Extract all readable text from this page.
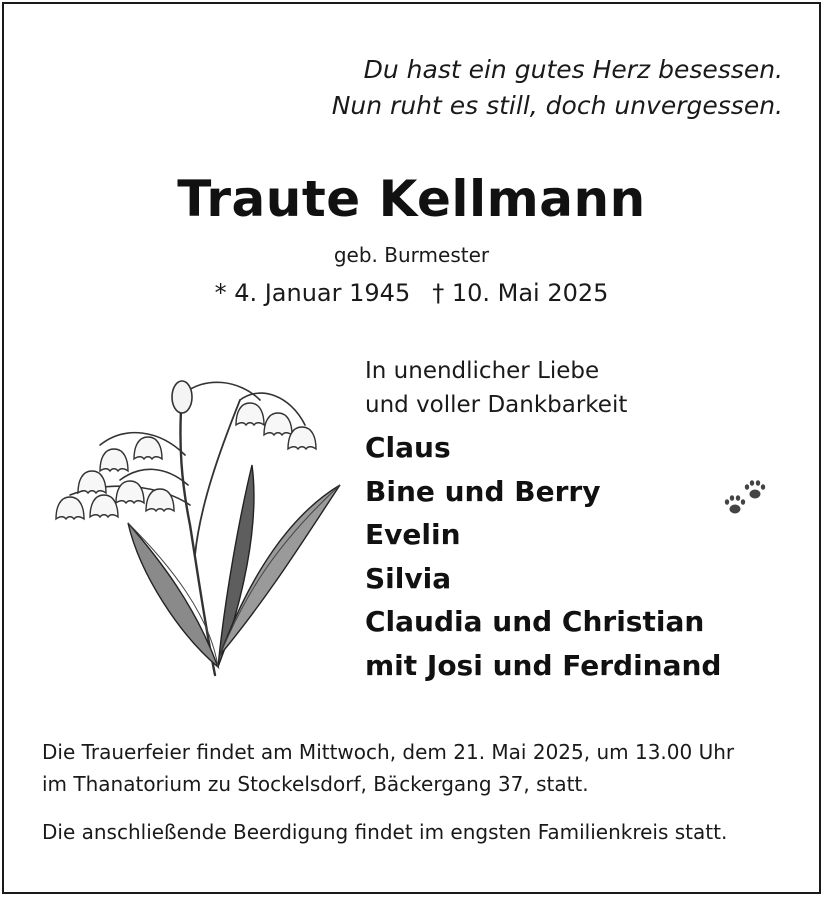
Du hast ein gutes Herz besessen.
Nun ruht es still, doch unvergessen.
Traute Kellmann
geb. Burmester
* 4. Januar 1945 † 10. Mai 2025
In unendlicher Liebe
und voller Dankbarkeit
Claus
Bine und Berry
Evelin
Silvia
Claudia und Christian
mit Josi und Ferdinand
Die Trauerfeier findet am Mittwoch, dem 21. Mai 2025, um 13.00 Uhr
im Thanatorium zu Stockelsdorf, Bäckergang 37, statt.
Die anschließende Beerdigung findet im engsten Familienkreis statt.
